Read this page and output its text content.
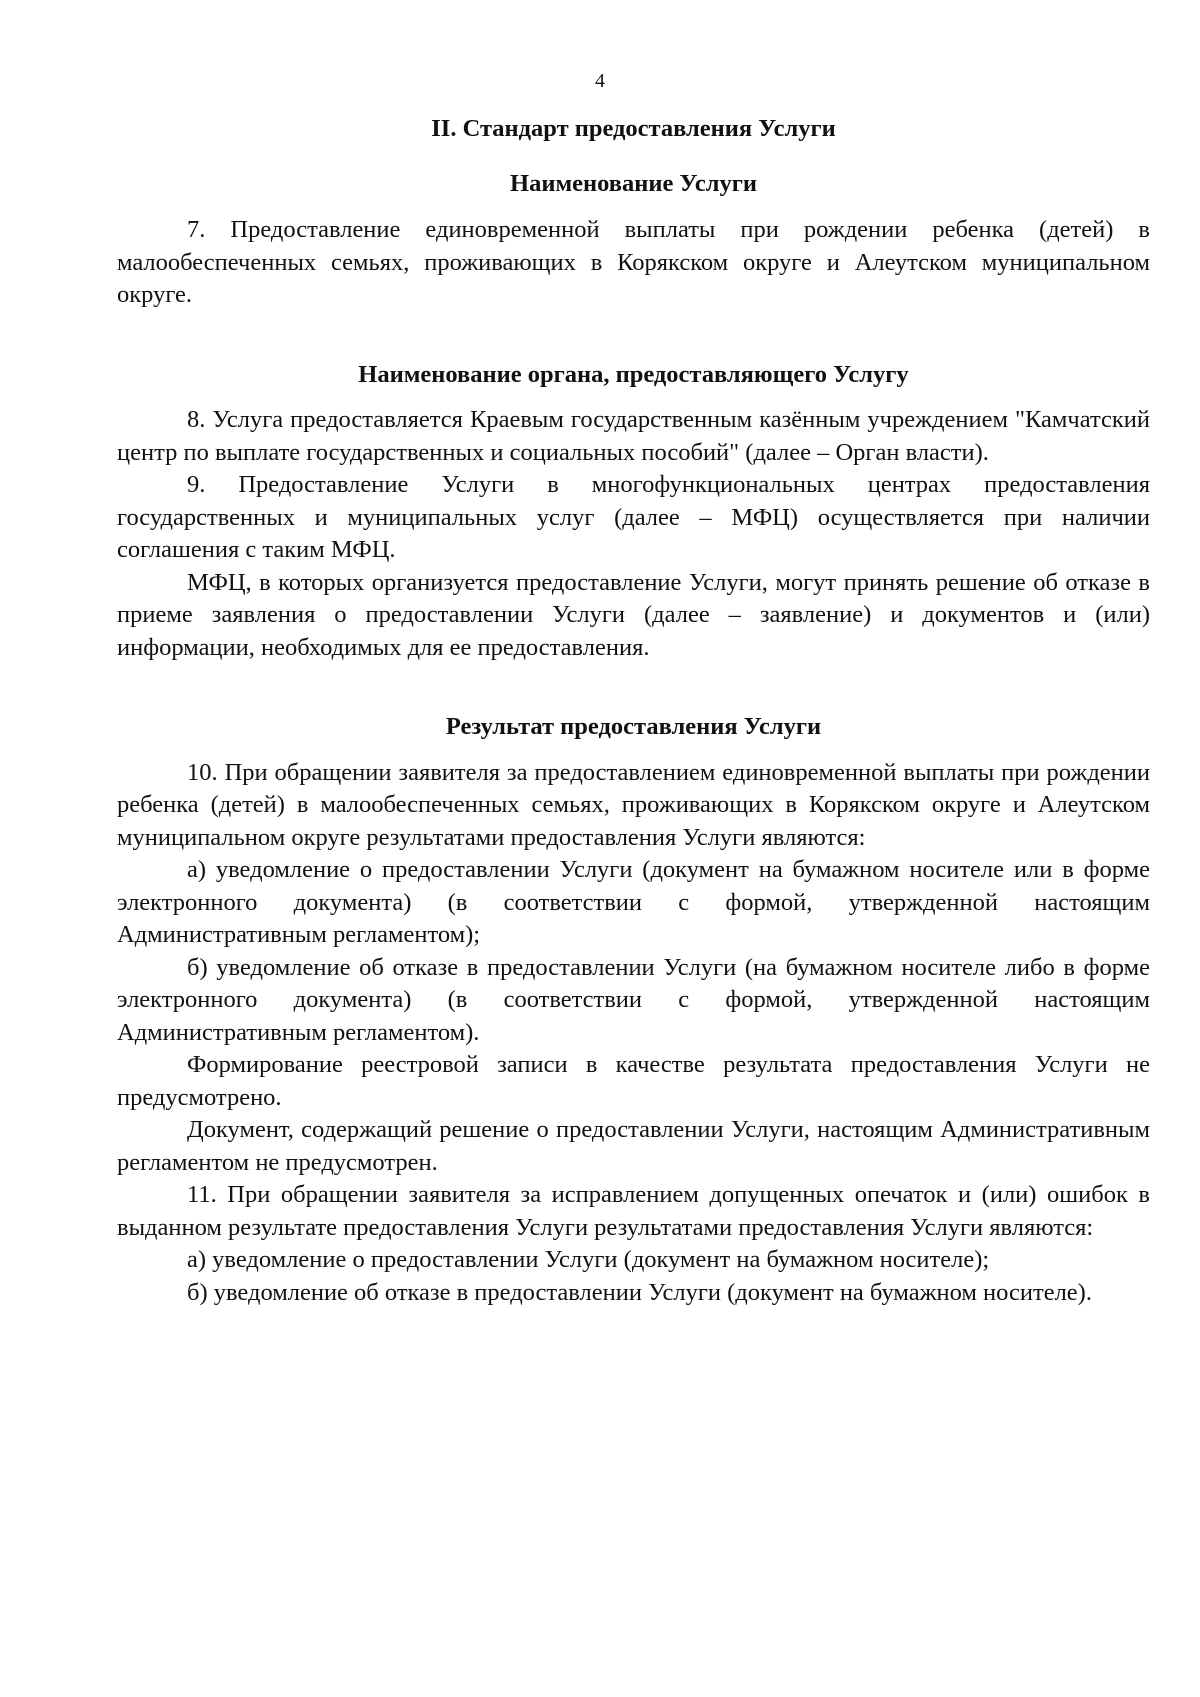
4
II. Стандарт предоставления Услуги
Наименование Услуги

7. Предоставление единовременной выплаты при рождении ребенка (детей) в малообеспеченных семьях, проживающих в Корякском округе и Алеутском муниципальном округе.

Наименование органа, предоставляющего Услугу

8. Услуга предоставляется Краевым государственным казённым учреждением "Камчатский центр по выплате государственных и социальных пособий" (далее – Орган власти).

9. Предоставление Услуги в многофункциональных центрах предоставления государственных и муниципальных услуг (далее – МФЦ) осуществляется при наличии соглашения с таким МФЦ.

МФЦ, в которых организуется предоставление Услуги, могут принять решение об отказе в приеме заявления о предоставлении Услуги (далее – заявление) и документов и (или) информации, необходимых для ее предоставления.

Результат предоставления Услуги

10. При обращении заявителя за предоставлением единовременной выплаты при рождении ребенка (детей) в малообеспеченных семьях, проживающих в Корякском округе и Алеутском муниципальном округе результатами предоставления Услуги являются:

а) уведомление о предоставлении Услуги (документ на бумажном носителе или в форме электронного документа) (в соответствии с формой, утвержденной настоящим Административным регламентом);

б) уведомление об отказе в предоставлении Услуги (на бумажном носителе либо в форме электронного документа) (в соответствии с формой, утвержденной настоящим Административным регламентом).

Формирование реестровой записи в качестве результата предоставления Услуги не предусмотрено.

Документ, содержащий решение о предоставлении Услуги, настоящим Административным регламентом не предусмотрен.

11. При обращении заявителя за исправлением допущенных опечаток и (или) ошибок в выданном результате предоставления Услуги результатами предоставления Услуги являются:

а) уведомление о предоставлении Услуги (документ на бумажном носителе);

б) уведомление об отказе в предоставлении Услуги (документ на бумажном носителе).
